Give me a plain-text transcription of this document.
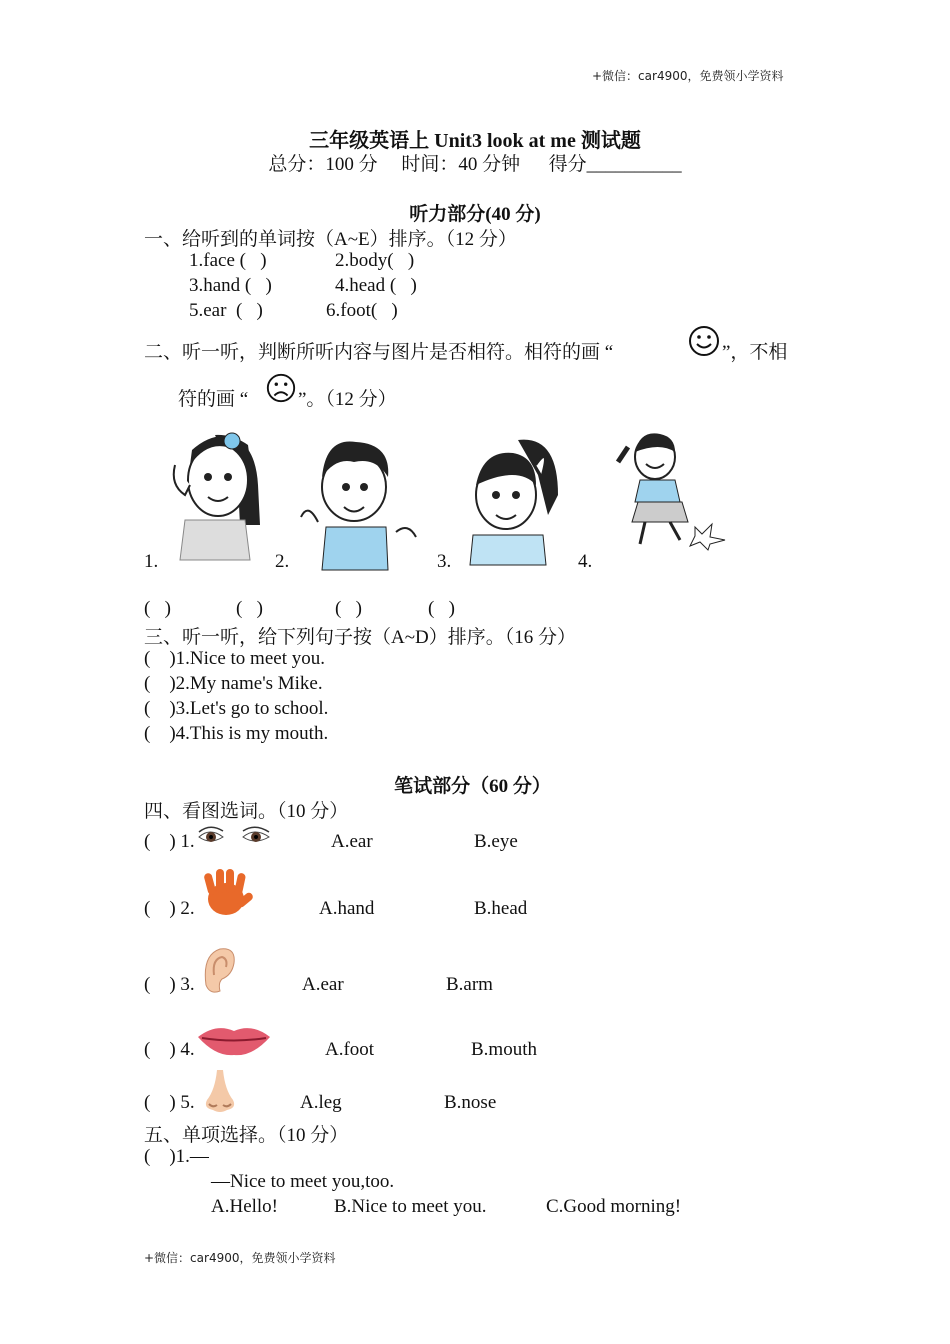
+微信：car4900，免费领小学资料
+微信：car4900，免费领小学资料
三年级英语上 Unit3 look at me 测试题
总分：100 分     时间：40 分钟      得分__________
听力部分(40 分)
一、给听到的单词按（A~E）排序。（12 分）
1.face (   )	2.body(   )
3.hand (   )	4.head (   )
5.ear  (   )	6.foot(   )
二、听一听，判断所听内容与图片是否相符。相符的画 “	”，不相
符的画 “	”。（12 分）
1.	2.	3.	4.
(   )	(   )	(   )	(   )
三、听一听，给下列句子按（A~D）排序。（16 分）
(    )1.Nice to meet you.
(    )2.My name's Mike.
(    )3.Let's go to school.
(    )4.This is my mouth.
笔试部分（60 分）
四、看图选词。（10 分）
(    ) 1.	A.ear	B.eye
(    ) 2.	A.hand	B.head
(    ) 3.	A.ear	B.arm
(    ) 4.	A.foot	B.mouth
(    ) 5.	A.leg	B.nose
五、单项选择。（10 分）
(    )1.—
—Nice to meet you,too.
A.Hello!	B.Nice to meet you.	C.Good morning!
